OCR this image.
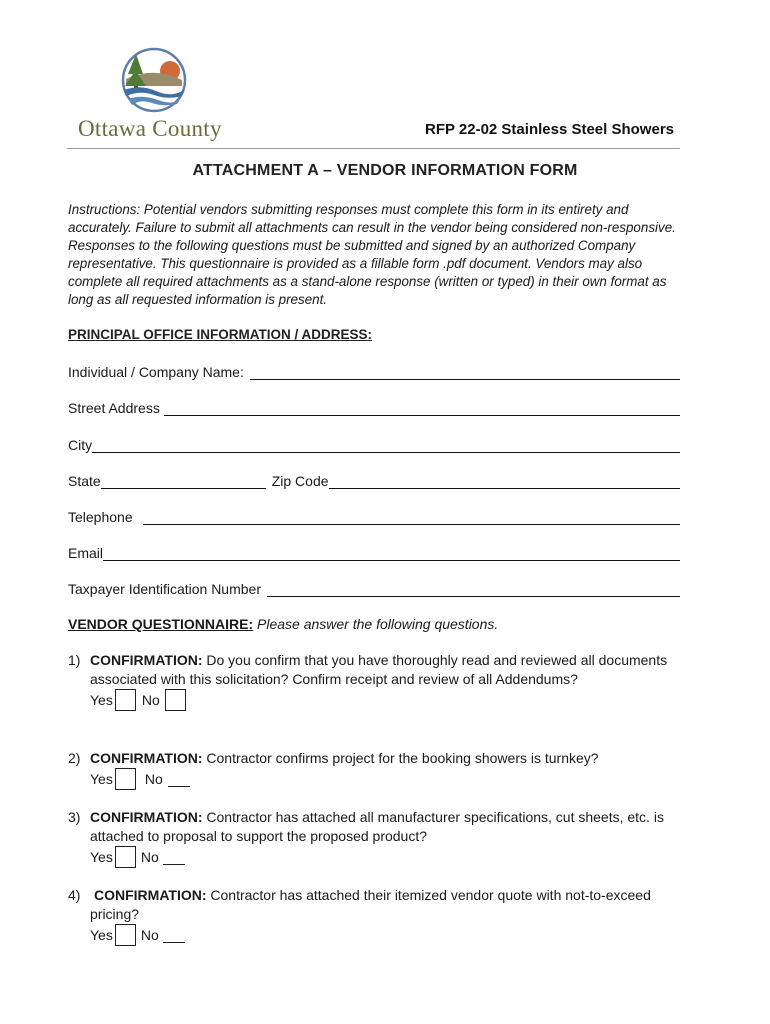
Ottawa County	RFP 22-02 Stainless Steel Showers
ATTACHMENT A – VENDOR INFORMATION FORM
Instructions: Potential vendors submitting responses must complete this form in its entirety and accurately. Failure to submit all attachments can result in the vendor being considered non-responsive. Responses to the following questions must be submitted and signed by an authorized Company representative. This questionnaire is provided as a fillable form .pdf document. Vendors may also complete all required attachments as a stand-alone response (written or typed) in their own format as long as all requested information is present.
PRINCIPAL OFFICE INFORMATION / ADDRESS:
Individual / Company Name:
Street Address
City
State	Zip Code
Telephone
Email
Taxpayer Identification Number
VENDOR QUESTIONNAIRE: Please answer the following questions.
1) CONFIRMATION: Do you confirm that you have thoroughly read and reviewed all documents associated with this solicitation? Confirm receipt and review of all Addendums?
Yes No
2) CONFIRMATION: Contractor confirms project for the booking showers is turnkey?
Yes No
3) CONFIRMATION: Contractor has attached all manufacturer specifications, cut sheets, etc. is attached to proposal to support the proposed product?
Yes No
4) CONFIRMATION: Contractor has attached their itemized vendor quote with not-to-exceed pricing?
Yes No
